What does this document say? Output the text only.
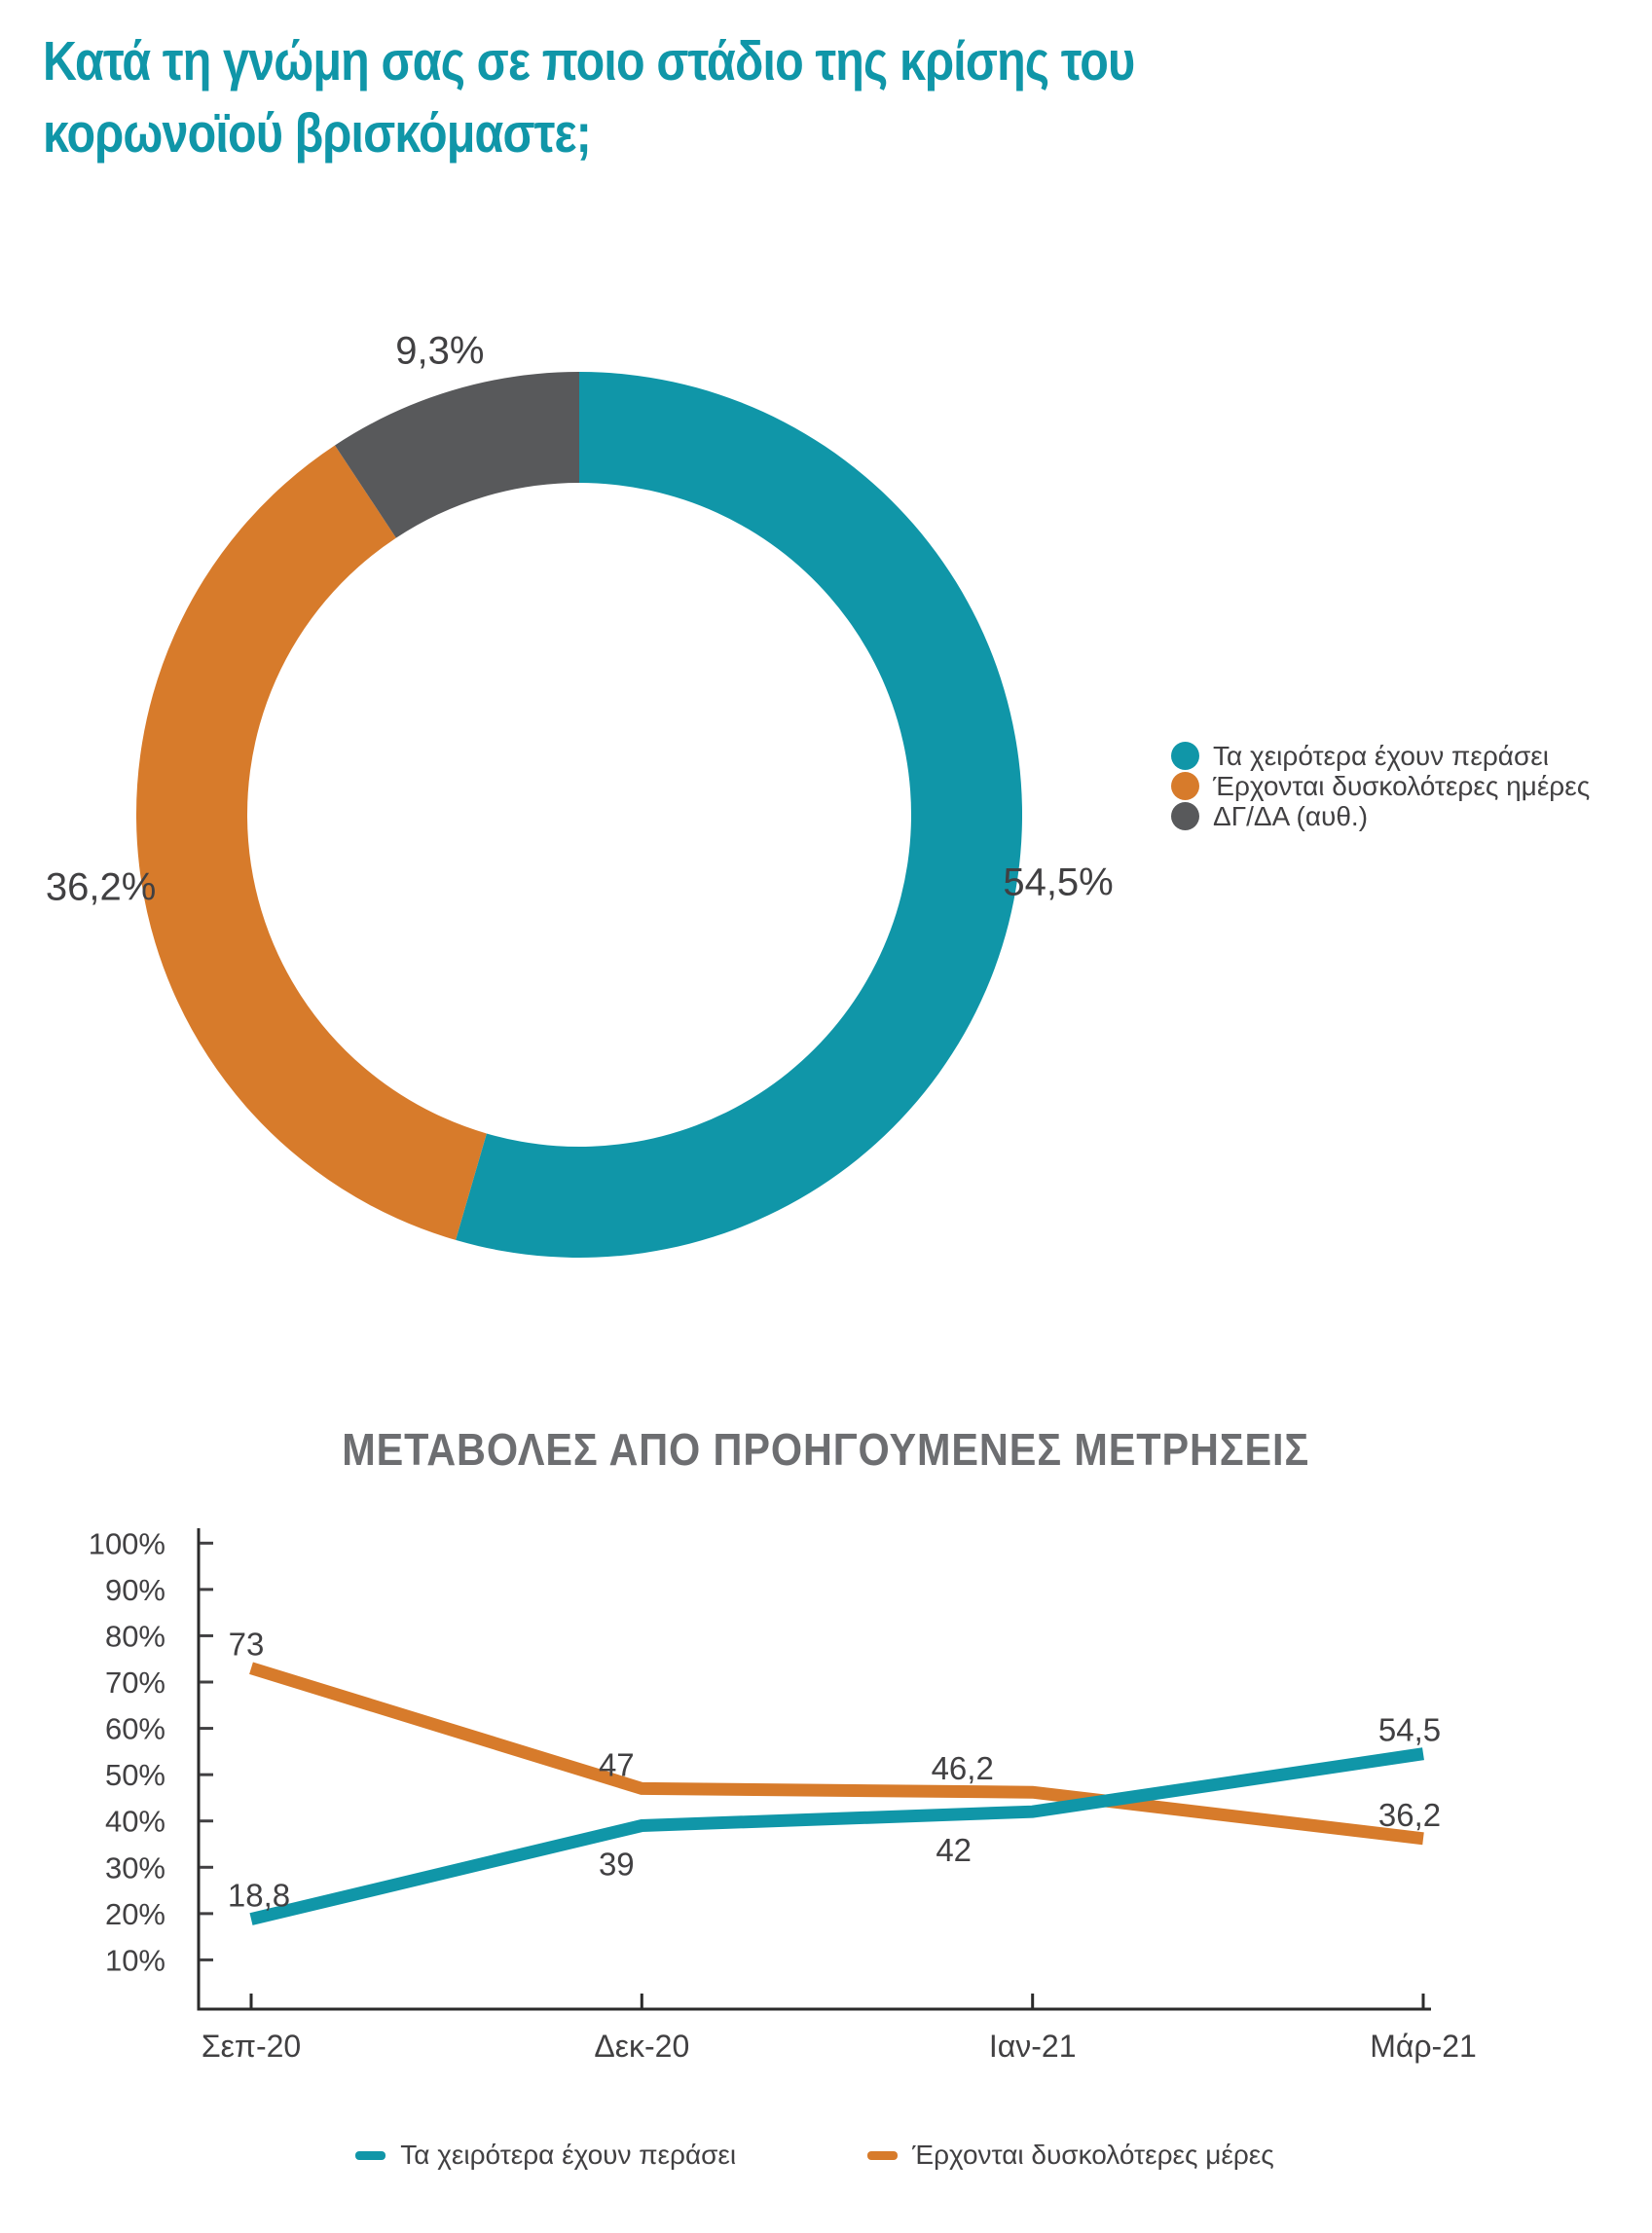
Κατά τη γνώμη σας σε ποιο στάδιο της κρίσης του κορωνοϊού βρισκόμαστε;
54,5%
36,2%
9,3%
Τα χειρότερα έχουν περάσει
Έρχονται δυσκολότερες ημέρες
ΔΓ/ΔΑ (αυθ.)
ΜΕΤΑΒΟΛΕΣ ΑΠΟ ΠΡΟΗΓΟΥΜΕΝΕΣ ΜΕΤΡΗΣΕΙΣ
100%
90%
80%
70%
60%
50%
40%
30%
20%
10%
Σεπ-20	Δεκ-20	Ιαν-21	Μάρ-21
18,8
39	42
54,5
73
47	46,2
36,2
Τα χειρότερα έχουν περάσει	Έρχονται δυσκολότερες μέρες
